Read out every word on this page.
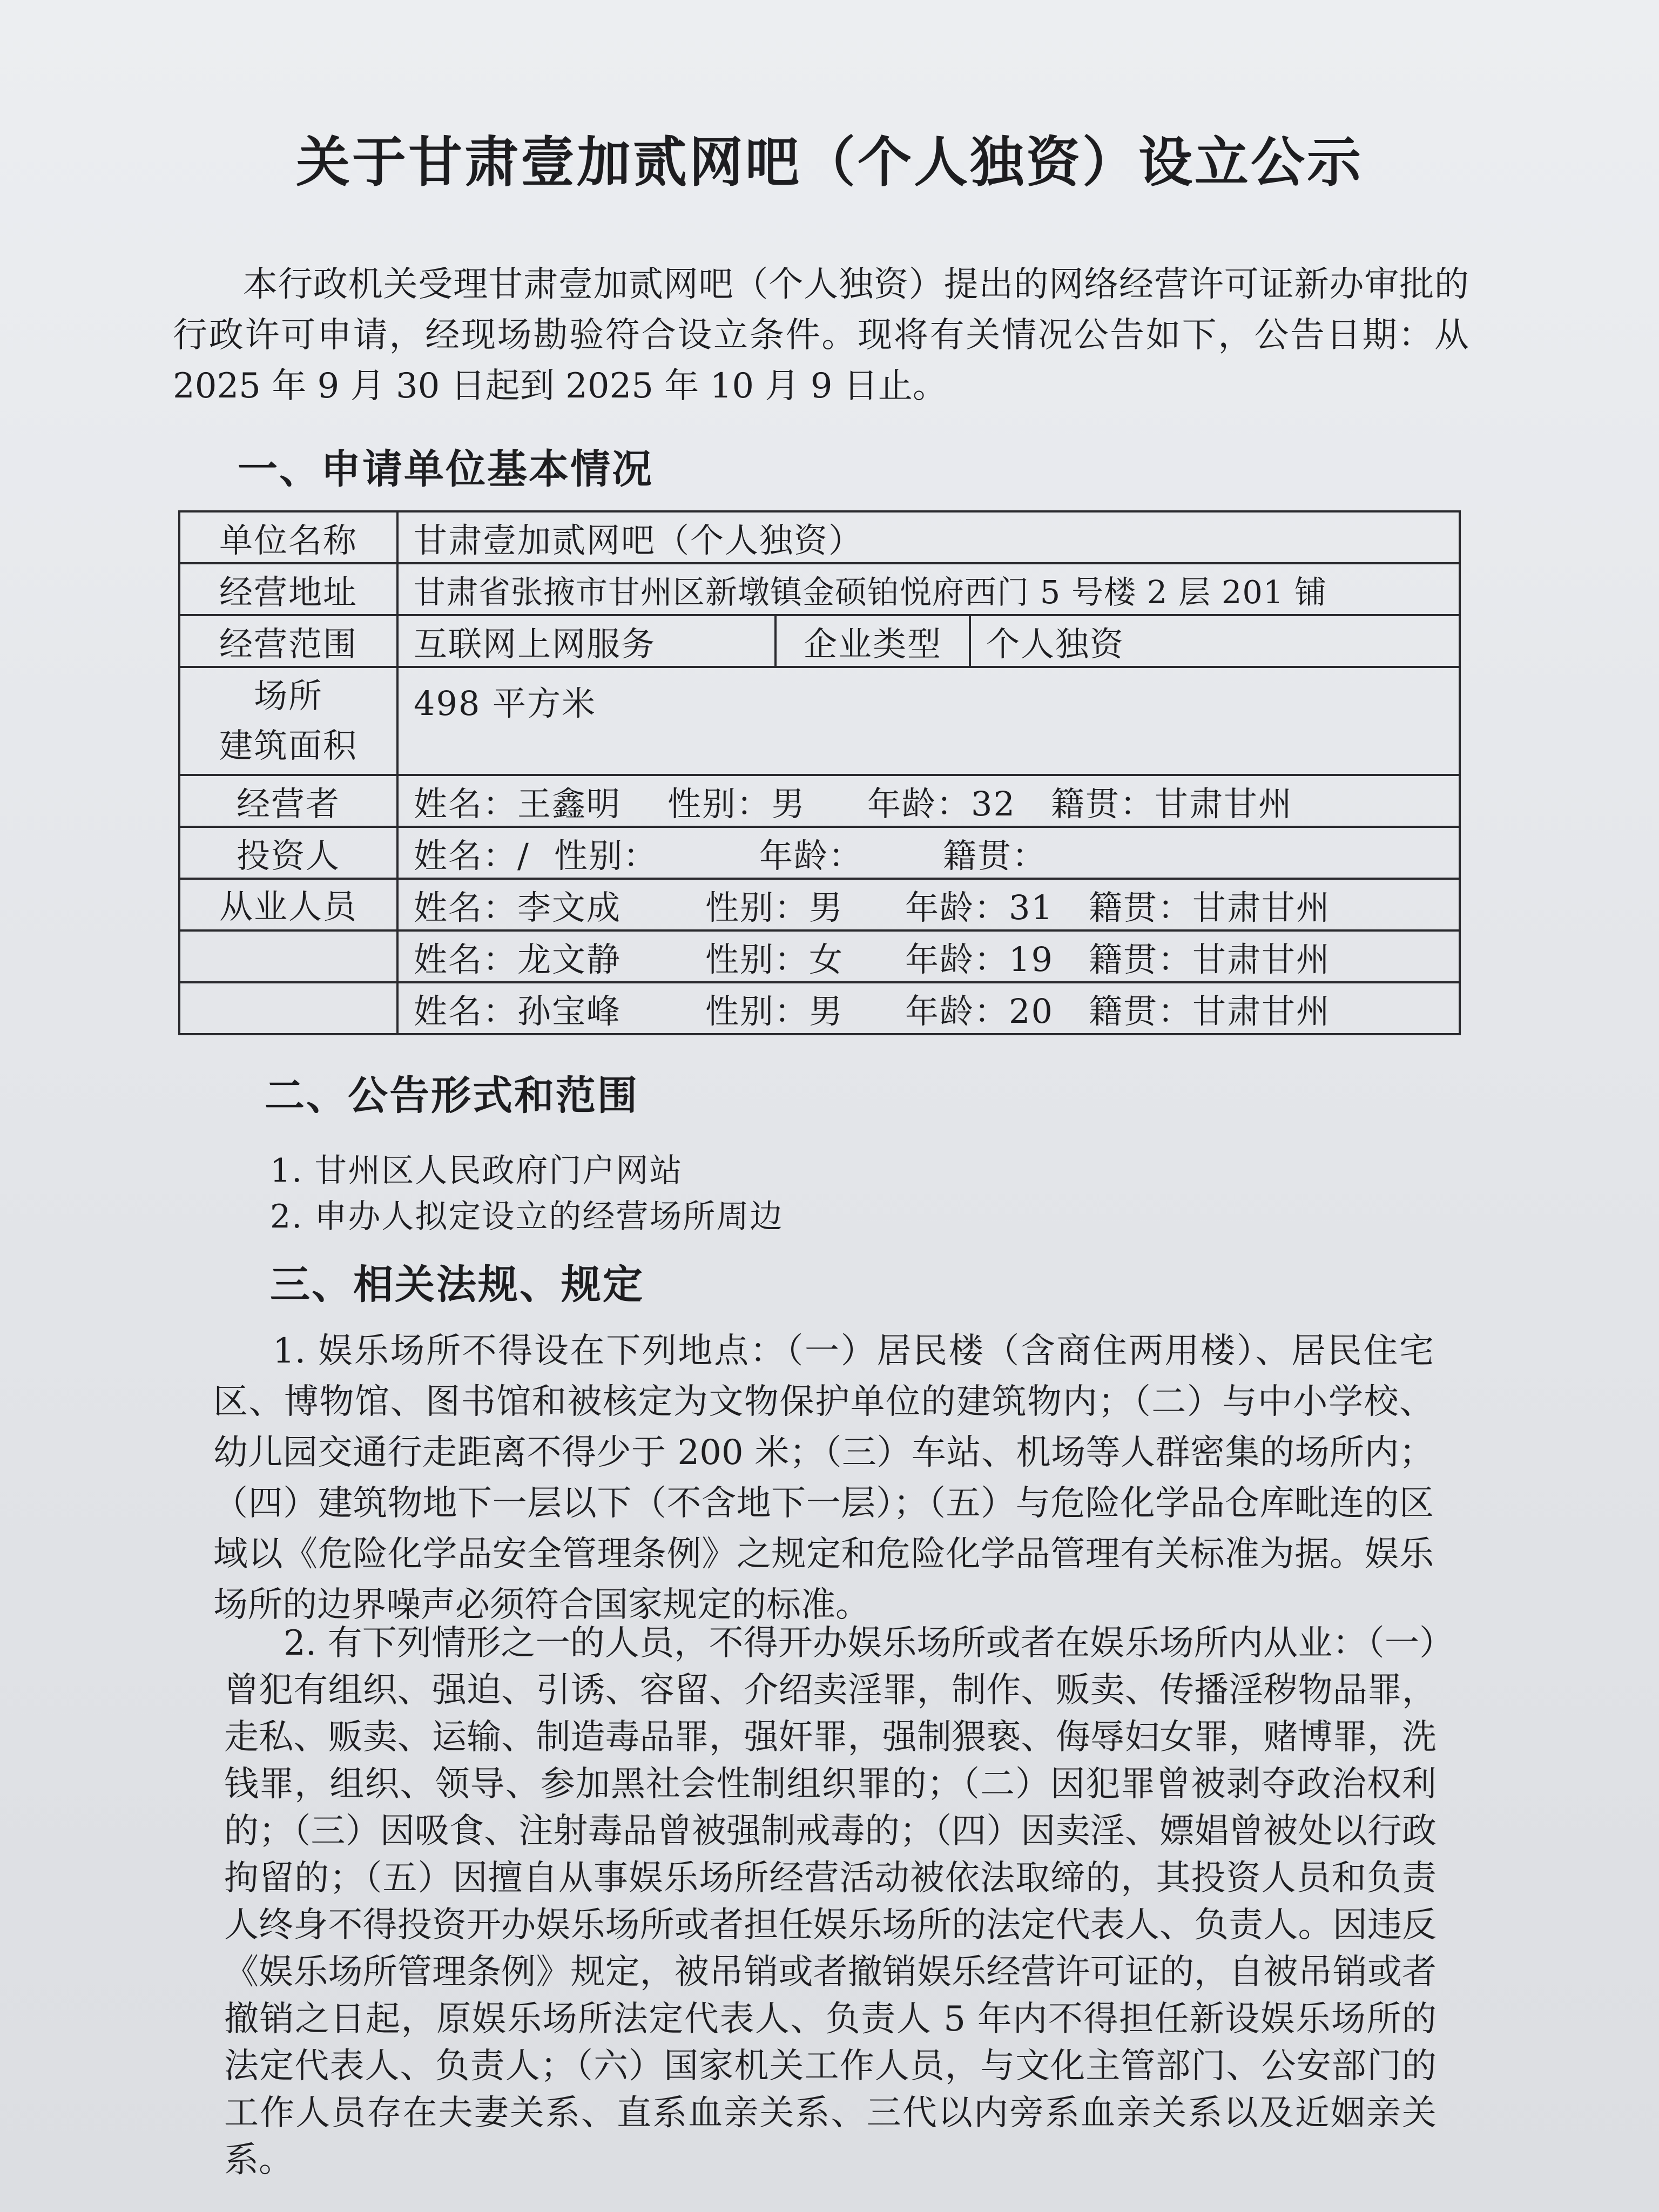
关于甘肃壹加贰网吧（个人独资）设立公示
本行政机关受理甘肃壹加贰网吧（个人独资）提出的网络经营许可证新办审批的行政许可申请，经现场勘验符合设立条件。现将有关情况公告如下，公告日期：从 2025 年 9 月 30 日起到 2025 年 10 月 9 日止。
一、申请单位基本情况
单位名称	甘肃壹加贰网吧（个人独资）		
经营地址	甘肃省张掖市甘州区新墩镇金硕铂悦府西门 5 号楼 2 层 201 铺		
经营范围	互联网上网服务	企业类型	个人独资

场所
建筑面积	498 平方米		
经营者	姓名：王鑫明 性别：男 年龄：32 籍贯：甘肃甘州		
投资人	姓名：/ 性别： 年龄： 籍贯：		
从业人员	姓名：李文成 性别：男 年龄：31 籍贯：甘肃甘州		
	姓名：龙文静 性别：女 年龄：19 籍贯：甘肃甘州		
	姓名：孙宝峰 性别：男 年龄：20 籍贯：甘肃甘州		
二、公告形式和范围
1. 甘州区人民政府门户网站
2. 申办人拟定设立的经营场所周边
三、相关法规、规定
1. 娱乐场所不得设在下列地点：（一）居民楼（含商住两用楼）、居民住宅区、博物馆、图书馆和被核定为文物保护单位的建筑物内；（二）与中小学校、幼儿园交通行走距离不得少于 200 米；（三）车站、机场等人群密集的场所内；（四）建筑物地下一层以下（不含地下一层）；（五）与危险化学品仓库毗连的区域以《危险化学品安全管理条例》之规定和危险化学品管理有关标准为据。娱乐场所的边界噪声必须符合国家规定的标准。
2. 有下列情形之一的人员，不得开办娱乐场所或者在娱乐场所内从业：（一）曾犯有组织、强迫、引诱、容留、介绍卖淫罪，制作、贩卖、传播淫秽物品罪，走私、贩卖、运输、制造毒品罪，强奸罪，强制猥亵、侮辱妇女罪，赌博罪，洗钱罪，组织、领导、参加黑社会性制组织罪的；（二）因犯罪曾被剥夺政治权利的；（三）因吸食、注射毒品曾被强制戒毒的；（四）因卖淫、嫖娼曾被处以行政拘留的；（五）因擅自从事娱乐场所经营活动被依法取缔的，其投资人员和负责人终身不得投资开办娱乐场所或者担任娱乐场所的法定代表人、负责人。因违反《娱乐场所管理条例》规定，被吊销或者撤销娱乐经营许可证的，自被吊销或者撤销之日起，原娱乐场所法定代表人、负责人 5 年内不得担任新设娱乐场所的法定代表人、负责人；（六）国家机关工作人员，与文化主管部门、公安部门的工作人员存在夫妻关系、直系血亲关系、三代以内旁系血亲关系以及近姻亲关系。
